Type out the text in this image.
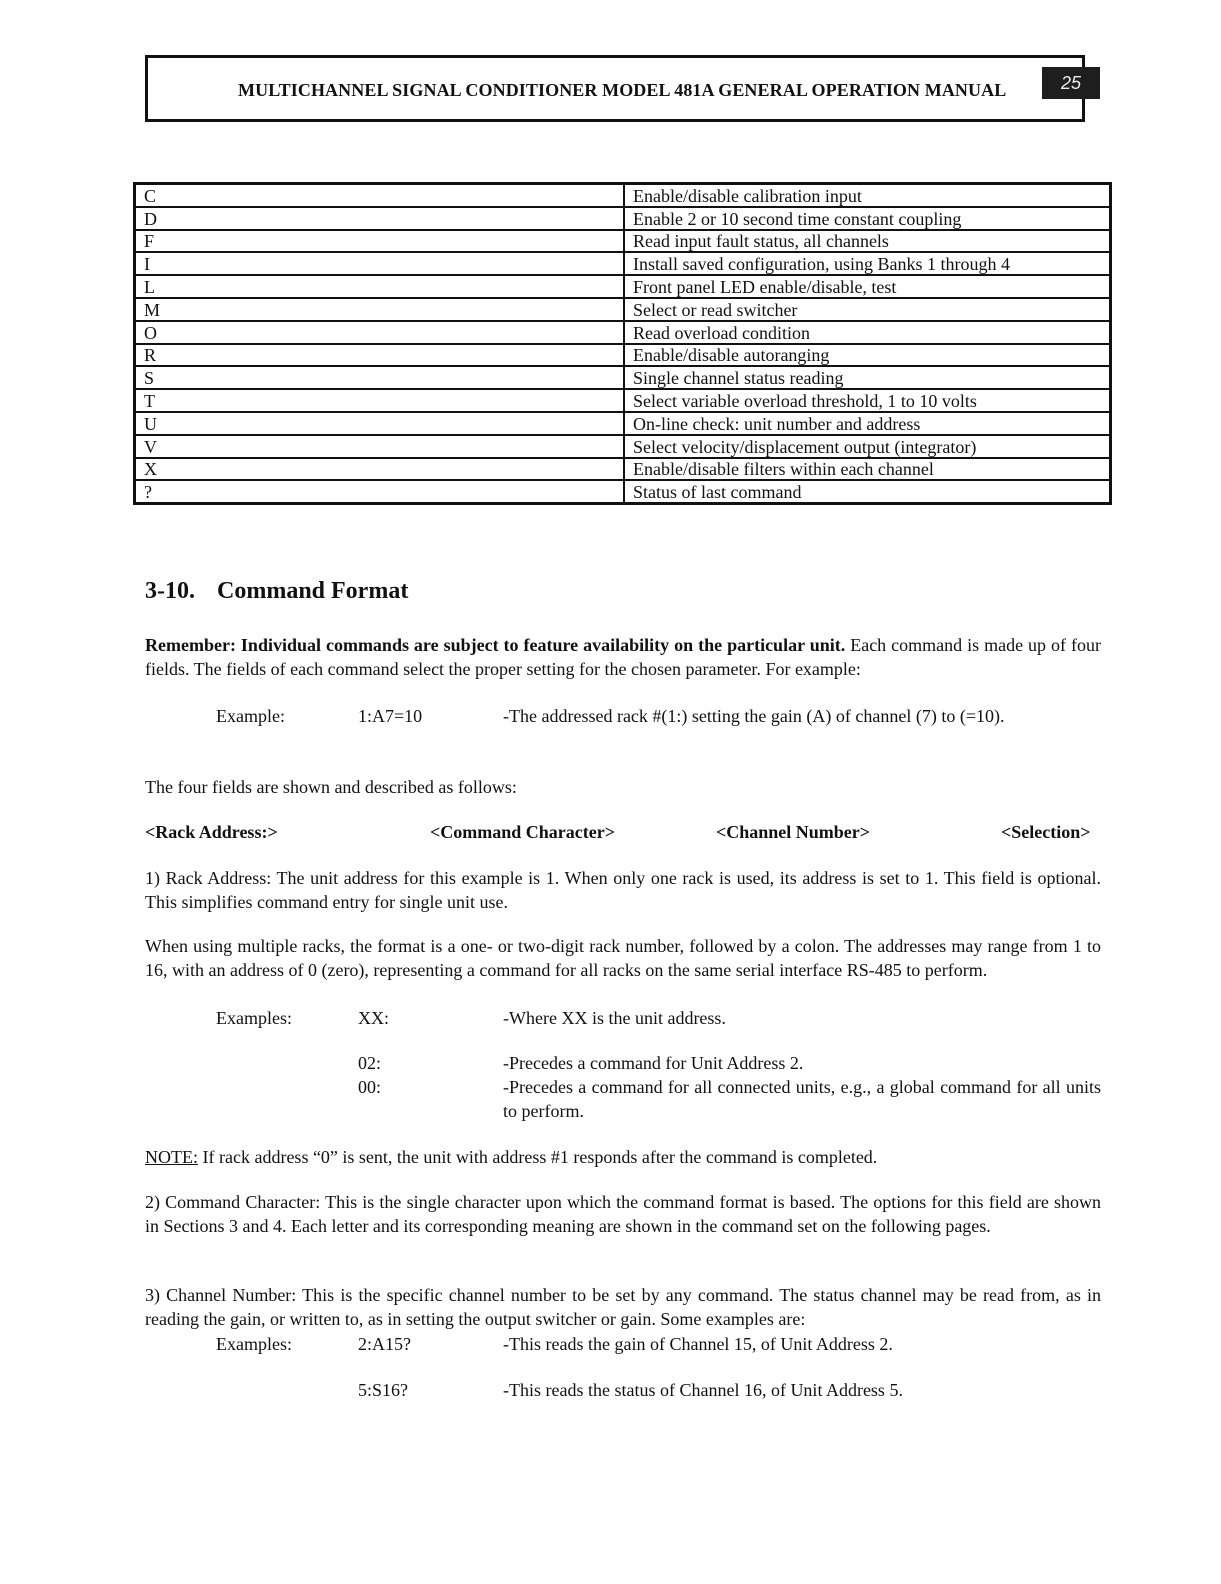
MULTICHANNEL SIGNAL CONDITIONER MODEL 481A GENERAL OPERATION MANUAL	25
C	Enable/disable calibration input
D	Enable 2 or 10 second time constant coupling
F	Read input fault status, all channels
I	Install saved configuration, using Banks 1 through 4
L	Front panel LED enable/disable, test
M	Select or read switcher
O	Read overload condition
R	Enable/disable autoranging
S	Single channel status reading
T	Select variable overload threshold, 1 to 10 volts
U	On-line check: unit number and address
V	Select velocity/displacement output (integrator)
X	Enable/disable filters within each channel
?	Status of last command
3-10. Command Format

Remember: Individual commands are subject to feature availability on the particular unit. Each command is made up of four fields. The fields of each command select the proper setting for the chosen parameter. For example:

Example:	1:A7=10	-The addressed rack #(1:) setting the gain (A) of channel (7) to (=10).
The four fields are shown and described as follows:
<Rack Address:>	<Command Character>	<Channel Number>	<Selection>

1) Rack Address: The unit address for this example is 1. When only one rack is used, its address is set to 1. This field is optional. This simplifies command entry for single unit use.

When using multiple racks, the format is a one- or two-digit rack number, followed by a colon. The addresses may range from 1 to 16, with an address of 0 (zero), representing a command for all racks on the same serial interface RS-485 to perform.

Examples:	XX:	-Where XX is the unit address.
02:	-Precedes a command for Unit Address 2.
00:	-Precedes a command for all connected units, e.g., a global command for all units to perform.
NOTE: If rack address “0” is sent, the unit with address #1 responds after the command is completed.

2) Command Character: This is the single character upon which the command format is based. The options for this field are shown in Sections 3 and 4. Each letter and its corresponding meaning are shown in the command set on the following pages.

3) Channel Number: This is the specific channel number to be set by any command. The status channel may be read from, as in reading the gain, or written to, as in setting the output switcher or gain. Some examples are:

Examples:	2:A15?	-This reads the gain of Channel 15, of Unit Address 2.
5:S16?	-This reads the status of Channel 16, of Unit Address 5.
